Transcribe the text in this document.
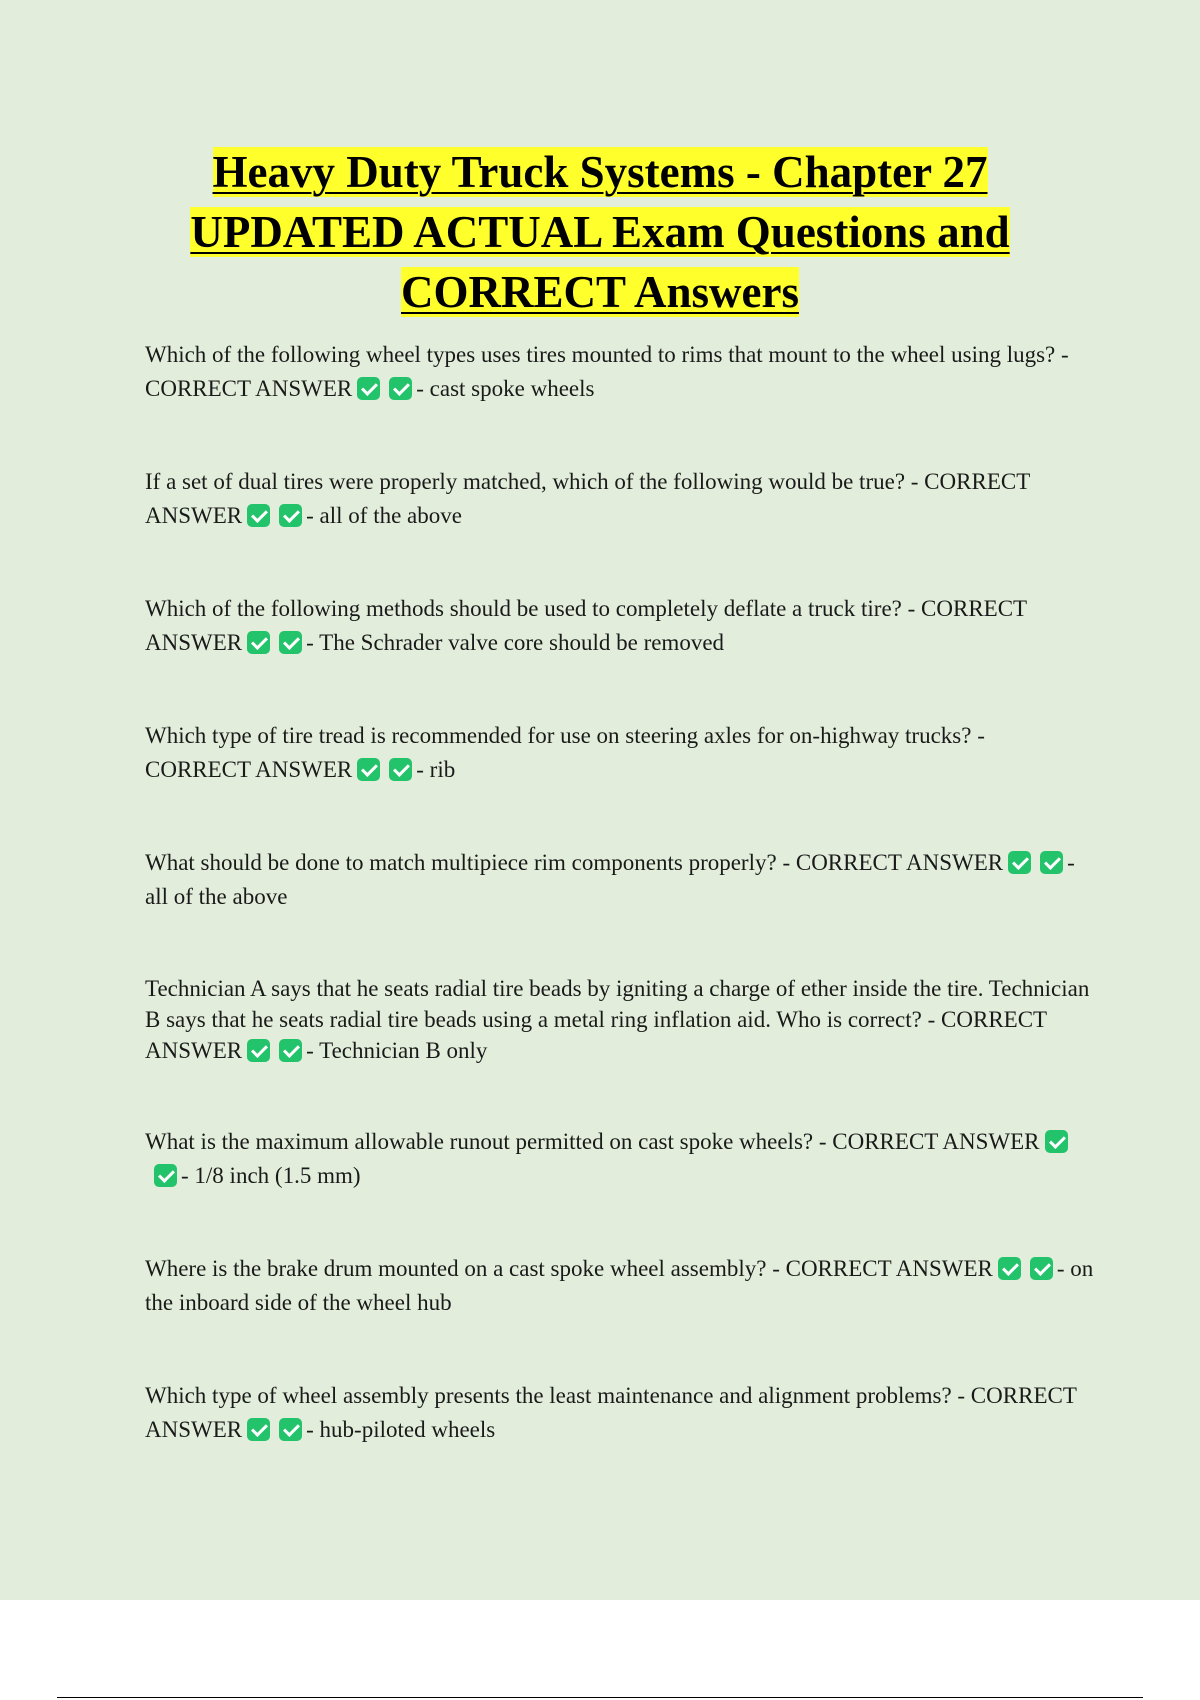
Heavy Duty Truck Systems - Chapter 27
UPDATED ACTUAL Exam Questions and
CORRECT Answers
Which of the following wheel types uses tires mounted to rims that mount to the wheel using lugs? - CORRECT ANSWER	- cast spoke wheels
If a set of dual tires were properly matched, which of the following would be true? - CORRECT ANSWER	- all of the above
Which of the following methods should be used to completely deflate a truck tire? - CORRECT ANSWER	- The Schrader valve core should be removed
Which type of tire tread is recommended for use on steering axles for on-highway trucks? - CORRECT ANSWER	- rib
What should be done to match multipiece rim components properly? - CORRECT ANSWER	- all of the above
Technician A says that he seats radial tire beads by igniting a charge of ether inside the tire. Technician B says that he seats radial tire beads using a metal ring inflation aid. Who is correct? - CORRECT ANSWER	- Technician B only
What is the maximum allowable runout permitted on cast spoke wheels? - CORRECT ANSWER- 1/8 inch (1.5 mm)
Where is the brake drum mounted on a cast spoke wheel assembly? - CORRECT ANSWER	- on the inboard side of the wheel hub
Which type of wheel assembly presents the least maintenance and alignment problems? - CORRECT ANSWER	- hub-piloted wheels
